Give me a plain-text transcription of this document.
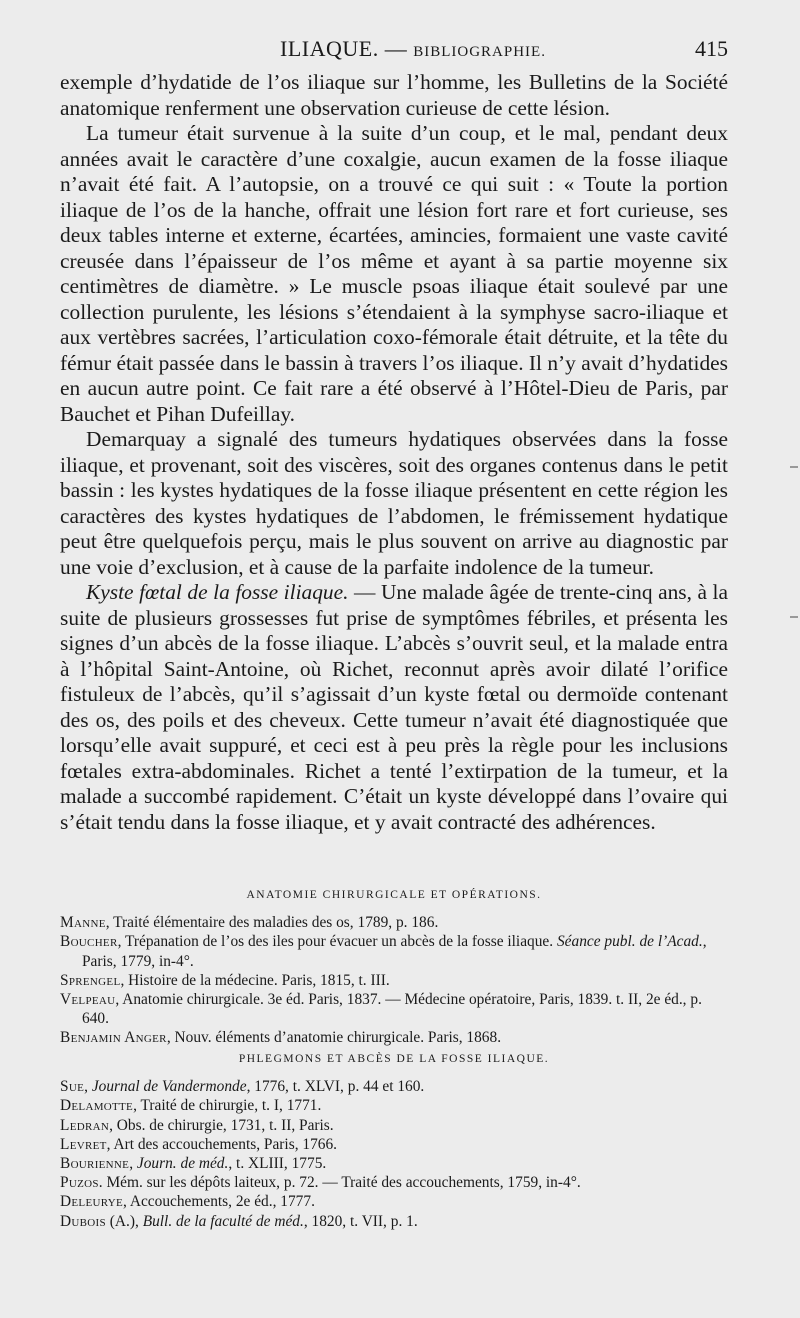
ILIAQUE. — BIBLIOGRAPHIE.	415

exemple d’hydatide de l’os iliaque sur l’homme, les Bulletins de la Société anatomique renferment une observation curieuse de cette lésion.

La tumeur était survenue à la suite d’un coup, et le mal, pendant deux années avait le caractère d’une coxalgie, aucun examen de la fosse iliaque n’avait été fait. A l’autopsie, on a trouvé ce qui suit : « Toute la portion iliaque de l’os de la hanche, offrait une lésion fort rare et fort curieuse, ses deux tables interne et externe, écartées, amincies, formaient une vaste cavité creusée dans l’épaisseur de l’os même et ayant à sa partie moyenne six centimètres de diamètre. » Le muscle psoas iliaque était soulevé par une collection purulente, les lésions s’étendaient à la symphyse sacro-iliaque et aux vertèbres sacrées, l’articulation coxo-fémorale était détruite, et la tête du fémur était passée dans le bassin à travers l’os iliaque. Il n’y avait d’hydatides en aucun autre point. Ce fait rare a été observé à l’Hôtel-Dieu de Paris, par Bauchet et Pihan Dufeillay.

Demarquay a signalé des tumeurs hydatiques observées dans la fosse iliaque, et provenant, soit des viscères, soit des organes contenus dans le petit bassin : les kystes hydatiques de la fosse iliaque présentent en cette région les caractères des kystes hydatiques de l’abdomen, le frémissement hydatique peut être quelquefois perçu, mais le plus souvent on arrive au diagnostic par une voie d’exclusion, et à cause de la parfaite indolence de la tumeur.

Kyste fœtal de la fosse iliaque. — Une malade âgée de trente-cinq ans, à la suite de plusieurs grossesses fut prise de symptômes fébriles, et présenta les signes d’un abcès de la fosse iliaque. L’abcès s’ouvrit seul, et la malade entra à l’hôpital Saint-Antoine, où Richet, reconnut après avoir dilaté l’orifice fistuleux de l’abcès, qu’il s’agissait d’un kyste fœtal ou dermoïde contenant des os, des poils et des cheveux. Cette tumeur n’avait été diagnostiquée que lorsqu’elle avait suppuré, et ceci est à peu près la règle pour les inclusions fœtales extra-abdominales. Richet a tenté l’extirpation de la tumeur, et la malade a succombé rapidement. C’était un kyste développé dans l’ovaire qui s’était tendu dans la fosse iliaque, et y avait contracté des adhérences.

ANATOMIE CHIRURGICALE ET OPÉRATIONS.

Manne, Traité élémentaire des maladies des os, 1789, p. 186.

Boucher, Trépanation de l’os des iles pour évacuer un abcès de la fosse iliaque. Séance publ. de l’Acad., Paris, 1779, in-4°.

Sprengel, Histoire de la médecine. Paris, 1815, t. III.

Velpeau, Anatomie chirurgicale. 3e éd. Paris, 1837. — Médecine opératoire, Paris, 1839. t. II, 2e éd., p. 640.

Benjamin Anger, Nouv. éléments d’anatomie chirurgicale. Paris, 1868.

PHLEGMONS ET ABCÈS DE LA FOSSE ILIAQUE.

Sue, Journal de Vandermonde, 1776, t. XLVI, p. 44 et 160.

Delamotte, Traité de chirurgie, t. I, 1771.

Ledran, Obs. de chirurgie, 1731, t. II, Paris.

Levret, Art des accouchements, Paris, 1766.

Bourienne, Journ. de méd., t. XLIII, 1775.

Puzos. Mém. sur les dépôts laiteux, p. 72. — Traité des accouchements, 1759, in-4°.

Deleurye, Accouchements, 2e éd., 1777.

Dubois (A.), Bull. de la faculté de méd., 1820, t. VII, p. 1.
